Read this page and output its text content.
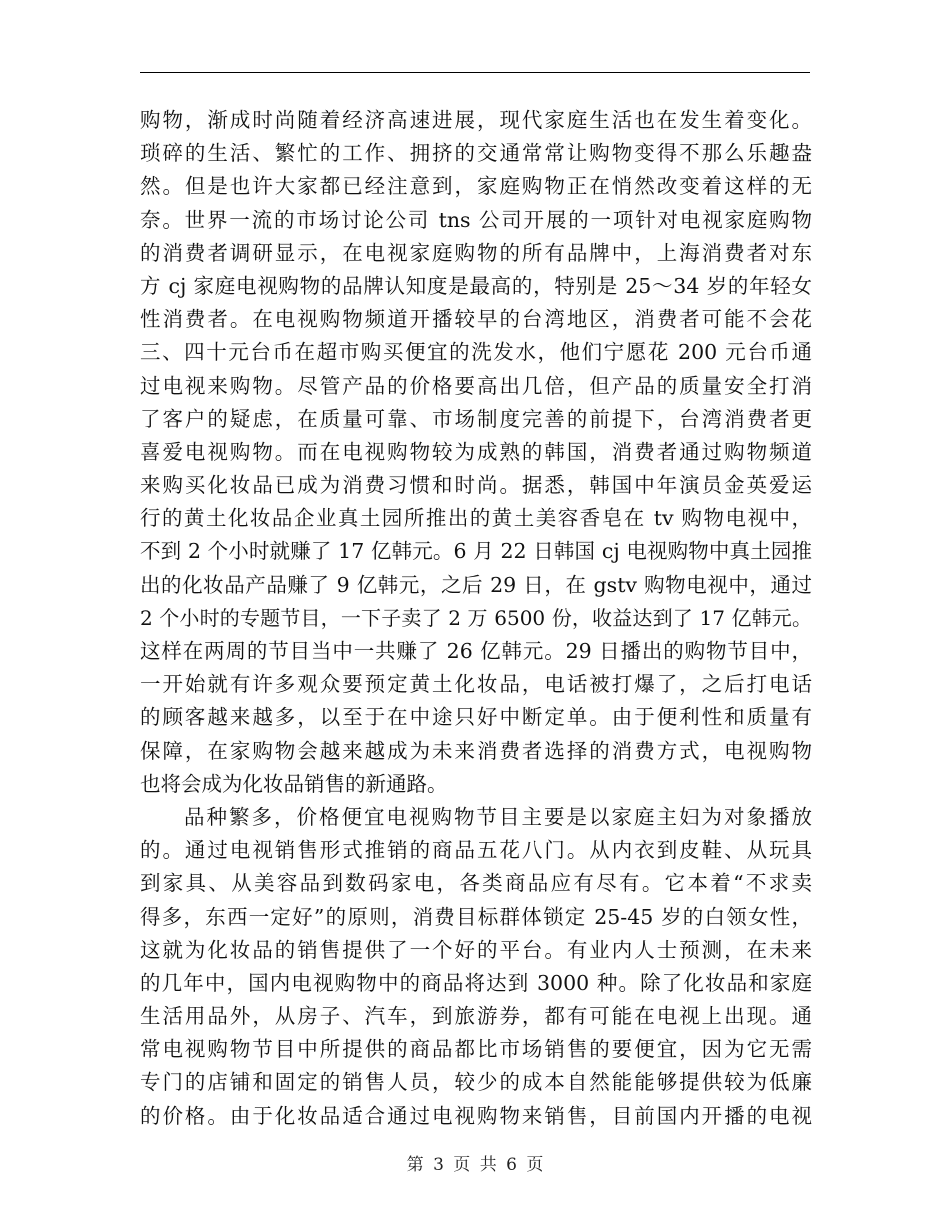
购物，渐成时尚随着经济高速进展，现代家庭生活也在发生着变化。
琐碎的生活、繁忙的工作、拥挤的交通常常让购物变得不那么乐趣盎
然。但是也许大家都已经注意到，家庭购物正在悄然改变着这样的无
奈。世界一流的市场讨论公司 tns 公司开展的一项针对电视家庭购物
的消费者调研显示，在电视家庭购物的所有品牌中，上海消费者对东
方 cj 家庭电视购物的品牌认知度是最高的，特别是 25～34 岁的年轻女
性消费者。在电视购物频道开播较早的台湾地区，消费者可能不会花
三、四十元台币在超市购买便宜的洗发水，他们宁愿花 200 元台币通
过电视来购物。尽管产品的价格要高出几倍，但产品的质量安全打消
了客户的疑虑，在质量可靠、市场制度完善的前提下，台湾消费者更
喜爱电视购物。而在电视购物较为成熟的韩国，消费者通过购物频道
来购买化妆品已成为消费习惯和时尚。据悉，韩国中年演员金英爱运
行的黄土化妆品企业真土园所推出的黄土美容香皂在 tv 购物电视中，
不到 2 个小时就赚了 17 亿韩元。6 月 22 日韩国 cj 电视购物中真土园推
出的化妆品产品赚了 9 亿韩元，之后 29 日，在 gstv 购物电视中，通过
2 个小时的专题节目，一下子卖了 2 万 6500 份，收益达到了 17 亿韩元。
这样在两周的节目当中一共赚了 26 亿韩元。29 日播出的购物节目中，
一开始就有许多观众要预定黄土化妆品，电话被打爆了，之后打电话
的顾客越来越多，以至于在中途只好中断定单。由于便利性和质量有
保障，在家购物会越来越成为未来消费者选择的消费方式，电视购物
也将会成为化妆品销售的新通路。
品种繁多，价格便宜电视购物节目主要是以家庭主妇为对象播放
的。通过电视销售形式推销的商品五花八门。从内衣到皮鞋、从玩具
到家具、从美容品到数码家电，各类商品应有尽有。它本着“不求卖
得多，东西一定好”的原则，消费目标群体锁定 25-45 岁的白领女性，
这就为化妆品的销售提供了一个好的平台。有业内人士预测，在未来
的几年中，国内电视购物中的商品将达到 3000 种。除了化妆品和家庭
生活用品外，从房子、汽车，到旅游券，都有可能在电视上出现。通
常电视购物节目中所提供的商品都比市场销售的要便宜，因为它无需
专门的店铺和固定的销售人员，较少的成本自然能能够提供较为低廉
的价格。由于化妆品适合通过电视购物来销售，目前国内开播的电视
第 3 页 共 6 页
